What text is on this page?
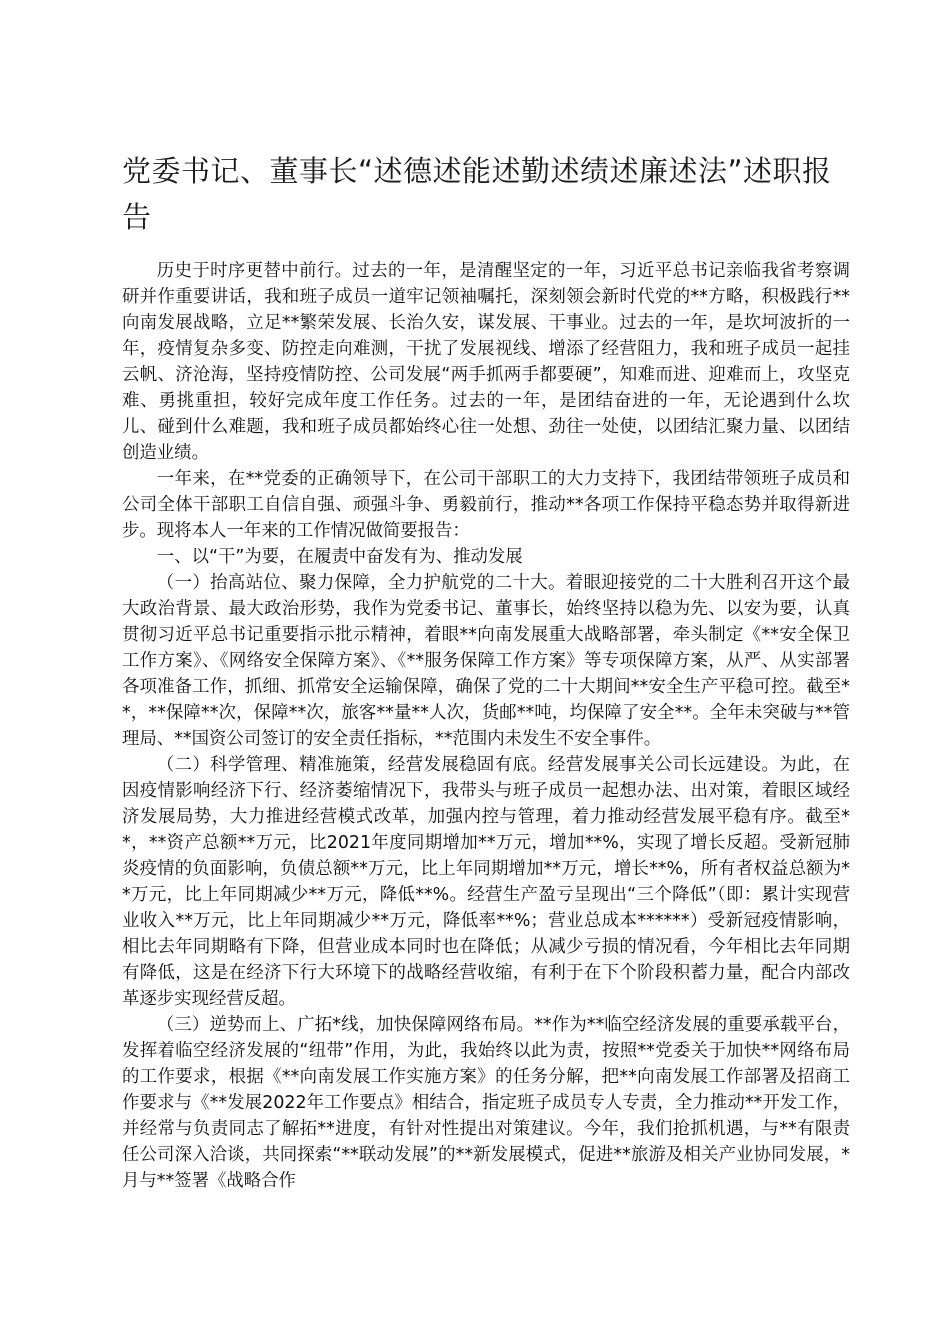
党委书记、董事长“述德述能述勤述绩述廉述法”述职报告

历史于时序更替中前行。过去的一年，是清醒坚定的一年，习近平总书记亲临我省考察调研并作重要讲话，我和班子成员一道牢记领袖嘱托，深刻领会新时代党的**方略，积极践行**向南发展战略，立足**繁荣发展、长治久安，谋发展、干事业。过去的一年，是坎坷波折的一年，疫情复杂多变、防控走向难测，干扰了发展视线、增添了经营阻力，我和班子成员一起挂云帆、济沧海，坚持疫情防控、公司发展“两手抓两手都要硬”，知难而进、迎难而上，攻坚克难、勇挑重担，较好完成年度工作任务。过去的一年，是团结奋进的一年，无论遇到什么坎儿、碰到什么难题，我和班子成员都始终心往一处想、劲往一处使，以团结汇聚力量、以团结创造业绩。

一年来，在**党委的正确领导下，在公司干部职工的大力支持下，我团结带领班子成员和公司全体干部职工自信自强、顽强斗争、勇毅前行，推动**各项工作保持平稳态势并取得新进步。现将本人一年来的工作情况做简要报告：

一、以“干”为要，在履责中奋发有为、推动发展

（一）抬高站位、聚力保障，全力护航党的二十大。着眼迎接党的二十大胜利召开这个最大政治背景、最大政治形势，我作为党委书记、董事长，始终坚持以稳为先、以安为要，认真贯彻习近平总书记重要指示批示精神，着眼**向南发展重大战略部署，牵头制定《**安全保卫工作方案》、《网络安全保障方案》、《**服务保障工作方案》等专项保障方案，从严、从实部署各项准备工作，抓细、抓常安全运输保障，确保了党的二十大期间**安全生产平稳可控。截至**，**保障**次，保障**次，旅客**量**人次，货邮**吨，均保障了安全**。全年未突破与**管理局、**国资公司签订的安全责任指标，**范围内未发生不安全事件。

（二）科学管理、精准施策，经营发展稳固有底。经营发展事关公司长远建设。为此，在因疫情影响经济下行、经济萎缩情况下，我带头与班子成员一起想办法、出对策，着眼区域经济发展局势，大力推进经营模式改革，加强内控与管理，着力推动经营发展平稳有序。截至**，**资产总额**万元，比2021年度同期增加**万元，增加**%，实现了增长反超。受新冠肺炎疫情的负面影响，负债总额**万元，比上年同期增加**万元，增长**%，所有者权益总额为**万元，比上年同期减少**万元，降低**%。经营生产盈亏呈现出“三个降低”（即：累计实现营业收入**万元，比上年同期减少**万元，降低率**%；营业总成本******）受新冠疫情影响，相比去年同期略有下降，但营业成本同时也在降低；从减少亏损的情况看，今年相比去年同期有降低，这是在经济下行大环境下的战略经营收缩，有利于在下个阶段积蓄力量，配合内部改革逐步实现经营反超。

（三）逆势而上、广拓*线，加快保障网络布局。**作为**临空经济发展的重要承载平台，发挥着临空经济发展的“纽带”作用，为此，我始终以此为责，按照**党委关于加快**网络布局的工作要求，根据《**向南发展工作实施方案》的任务分解，把**向南发展工作部署及招商工作要求与《**发展2022年工作要点》相结合，指定班子成员专人专责，全力推动**开发工作，并经常与负责同志了解拓**进度，有针对性提出对策建议。今年，我们抢抓机遇，与**有限责任公司深入洽谈，共同探索“**联动发展”的**新发展模式，促进**旅游及相关产业协同发展，*月与**签署《战略合作
